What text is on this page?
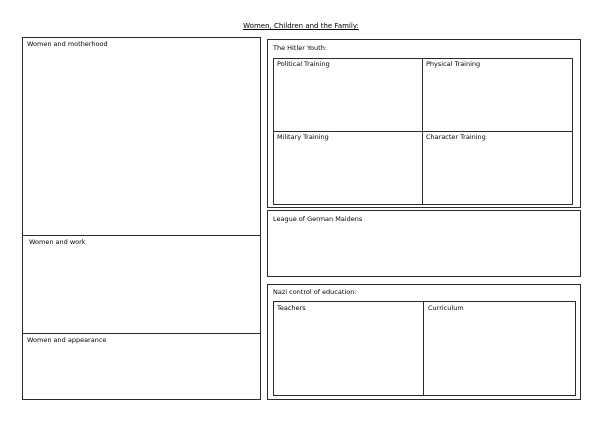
Women, Children and the Family:
Women and motherhood
Women and work
Women and appearance
The Hitler Youth:
Political Training	Physical Training
Military Training	Character Training
League of German Maidens
Nazi control of education:
Teachers	Curriculum
